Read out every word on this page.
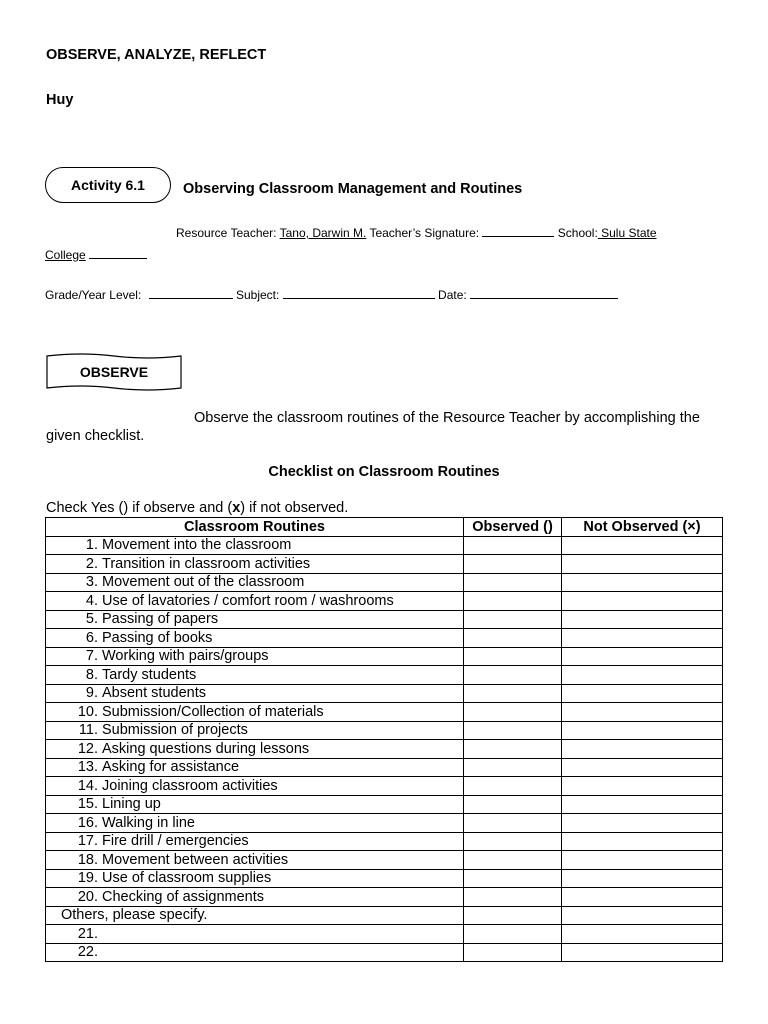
OBSERVE, ANALYZE, REFLECT
Huy
Activity 6.1	Observing Classroom Management and Routines
Resource Teacher: Tano, Darwin M. Teacher’s Signature:	School: Sulu State
College
Grade/Year Level:	Subject:	Date:
OBSERVE
Observe the classroom routines of the Resource Teacher by accomplishing the
given checklist.
Checklist on Classroom Routines
Check Yes () if observe and (x) if not observed.
Classroom Routines	Observed ()	Not Observed (×)
1. Movement into the classroom		
2. Transition in classroom activities		
3. Movement out of the classroom		
4. Use of lavatories / comfort room / washrooms		
5. Passing of papers		
6. Passing of books		
7. Working with pairs/groups		
8. Tardy students		
9. Absent students		
10. Submission/Collection of materials		
11. Submission of projects		
12. Asking questions during lessons		
13. Asking for assistance		
14. Joining classroom activities		
15. Lining up		
16. Walking in line		
17. Fire drill / emergencies		
18. Movement between activities		
19. Use of classroom supplies		
20. Checking of assignments		
Others, please specify.		
21.		
22.		
